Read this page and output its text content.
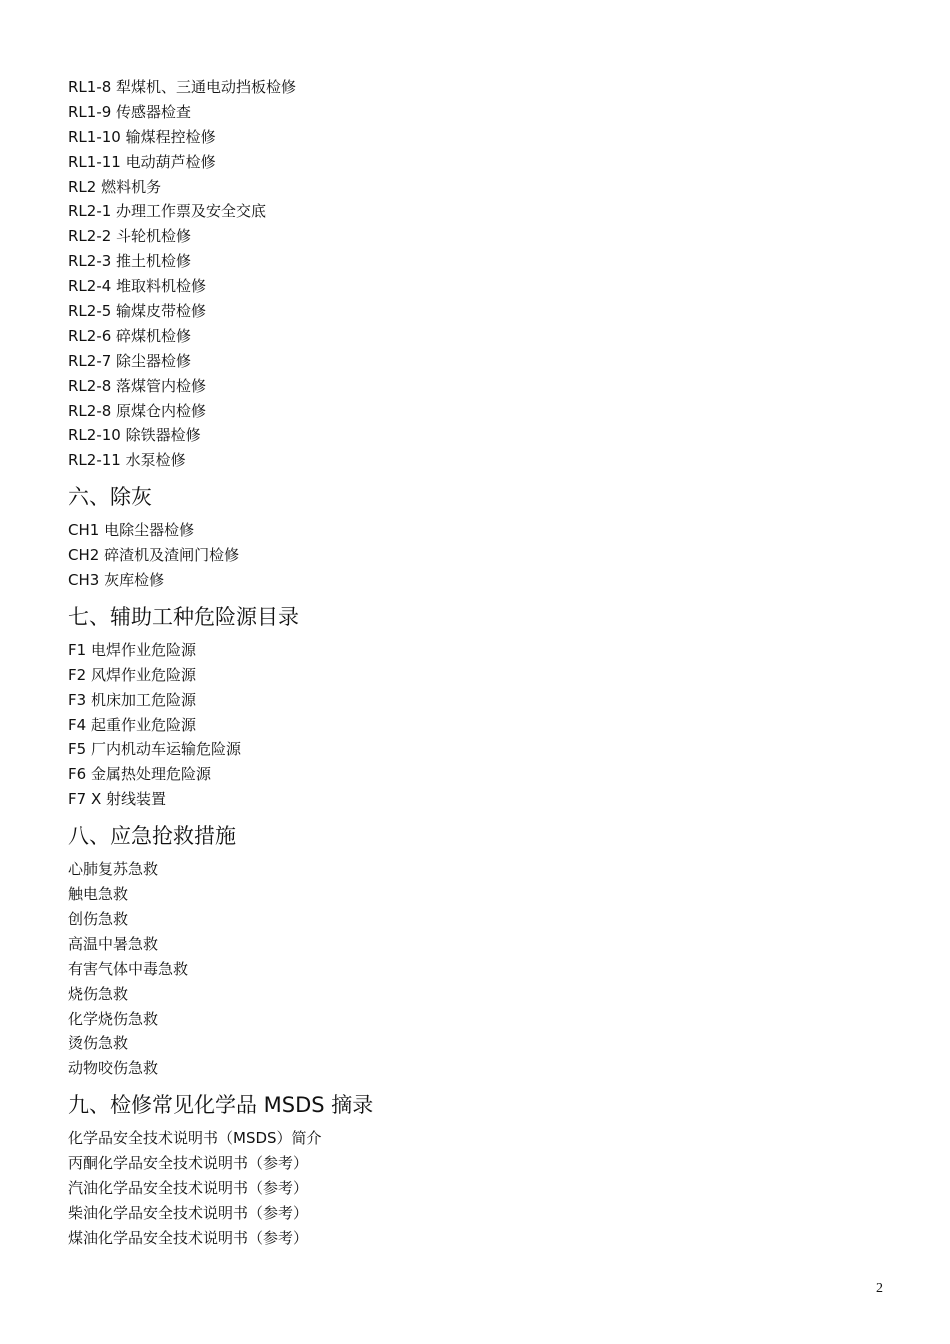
RL1-8 犁煤机、三通电动挡板检修
RL1-9 传感器检查
RL1-10 输煤程控检修
RL1-11 电动葫芦检修
RL2 燃料机务
RL2-1 办理工作票及安全交底
RL2-2 斗轮机检修
RL2-3 推土机检修
RL2-4 堆取料机检修
RL2-5 输煤皮带检修
RL2-6 碎煤机检修
RL2-7 除尘器检修
RL2-8 落煤管内检修
RL2-8 原煤仓内检修
RL2-10 除铁器检修
RL2-11 水泵检修
六、除灰
CH1 电除尘器检修
CH2 碎渣机及渣闸门检修
CH3 灰库检修
七、辅助工种危险源目录
F1 电焊作业危险源
F2 风焊作业危险源
F3 机床加工危险源
F4 起重作业危险源
F5 厂内机动车运输危险源
F6 金属热处理危险源
F7 X 射线装置
八、应急抢救措施
心肺复苏急救
触电急救
创伤急救
高温中暑急救
有害气体中毒急救
烧伤急救
化学烧伤急救
烫伤急救
动物咬伤急救
九、检修常见化学品 MSDS 摘录
化学品安全技术说明书（MSDS）简介
丙酮化学品安全技术说明书（参考）
汽油化学品安全技术说明书（参考）
柴油化学品安全技术说明书（参考）
煤油化学品安全技术说明书（参考）
2
